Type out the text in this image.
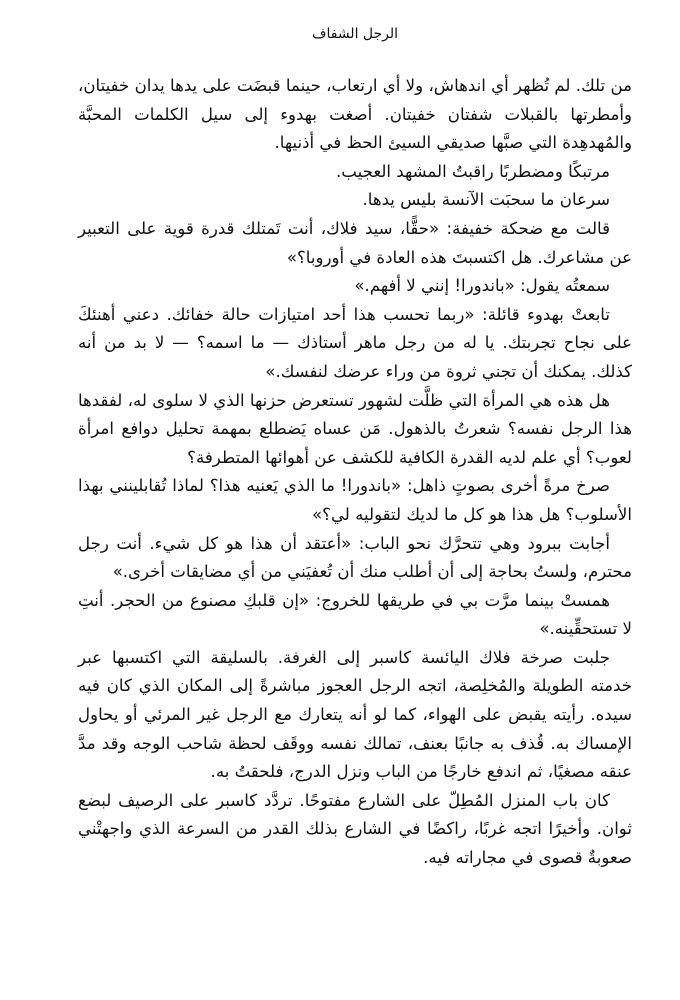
الرجل الشفاف

من تلك. لم تُظهر أي اندهاش، ولا أي ارتعاب، حينما قبضَت على يدها يدان خفيتان، وأمطرتها بالقبلات شفتان خفيتان. أصغت بهدوء إلى سيل الكلمات المحبَّة والمُهدهِدة التي صبَّها صديقي السيئ الحظ في أذنيها.

مرتبكًا ومضطربًا راقبتُ المشهد العجيب.

سرعان ما سحبَت الآنسة بليس يدها.

قالت مع ضحكة خفيفة: «حقًّا، سيد فلاك، أنت تَمتلك قدرة قوية على التعبير عن مشاعرك. هل اكتسبتَ هذه العادة في أوروبا؟»

سمعتُه يقول: «باندورا! إنني لا أفهم.»

تابعتْ بهدوء قائلة: «ربما تحسب هذا أحد امتيازات حالة خفائك. دعني أهنئكَ على نجاح تجربتك. يا له من رجل ماهر أستاذك — ما اسمه؟ — لا بد من أنه كذلك. يمكنك أن تجني ثروة من وراء عرضك لنفسك.»

هل هذه هي المرأة التي ظلَّت لشهور تستعرض حزنها الذي لا سلوى له، لفقدها هذا الرجل نفسه؟ شعرتُ بالذهول. مَن عساه يَضطلع بمهمة تحليل دوافع امرأة لعوب؟ أي علم لديه القدرة الكافية للكشف عن أهوائها المتطرفة؟

صرخ مرةً أخرى بصوتٍ ذاهل: «باندورا! ما الذي يَعنيه هذا؟ لماذا تُقابلينني بهذا الأسلوب؟ هل هذا هو كل ما لديك لتقوليه لي؟»

أجابت ببرود وهي تتحرَّك نحو الباب: «أعتقد أن هذا هو كل شيء. أنت رجل محترم، ولستُ بحاجة إلى أن أطلب منك أن تُعفيَني من أي مضايقات أخرى.»

همستْ بينما مرَّت بي في طريقها للخروج: «إن قلبكِ مصنوع من الحجر. أنتِ لا تستحقِّينه.»

جلبت صرخة فلاك اليائسة كاسبر إلى الغرفة. بالسليقة التي اكتسبها عبر خدمته الطويلة والمُخلِصة، اتجه الرجل العجوز مباشرةً إلى المكان الذي كان فيه سيده. رأيته يقبض على الهواء، كما لو أنه يتعارك مع الرجل غير المرئي أو يحاول الإمساك به. قُذف به جانبًا بعنف، تمالك نفسه ووقَف لحظة شاحب الوجه وقد مدَّ عنقه مصغيًا، ثم اندفع خارجًا من الباب ونزل الدرج، فلحقتُ به.

كان باب المنزل المُطِلّ على الشارع مفتوحًا. تردَّد كاسبر على الرصيف لبضع ثوان. وأخيرًا اتجه غربًا، راكضًا في الشارع بذلك القدر من السرعة الذي واجهتْني صعوبةٌ قصوى في مجاراته فيه.
